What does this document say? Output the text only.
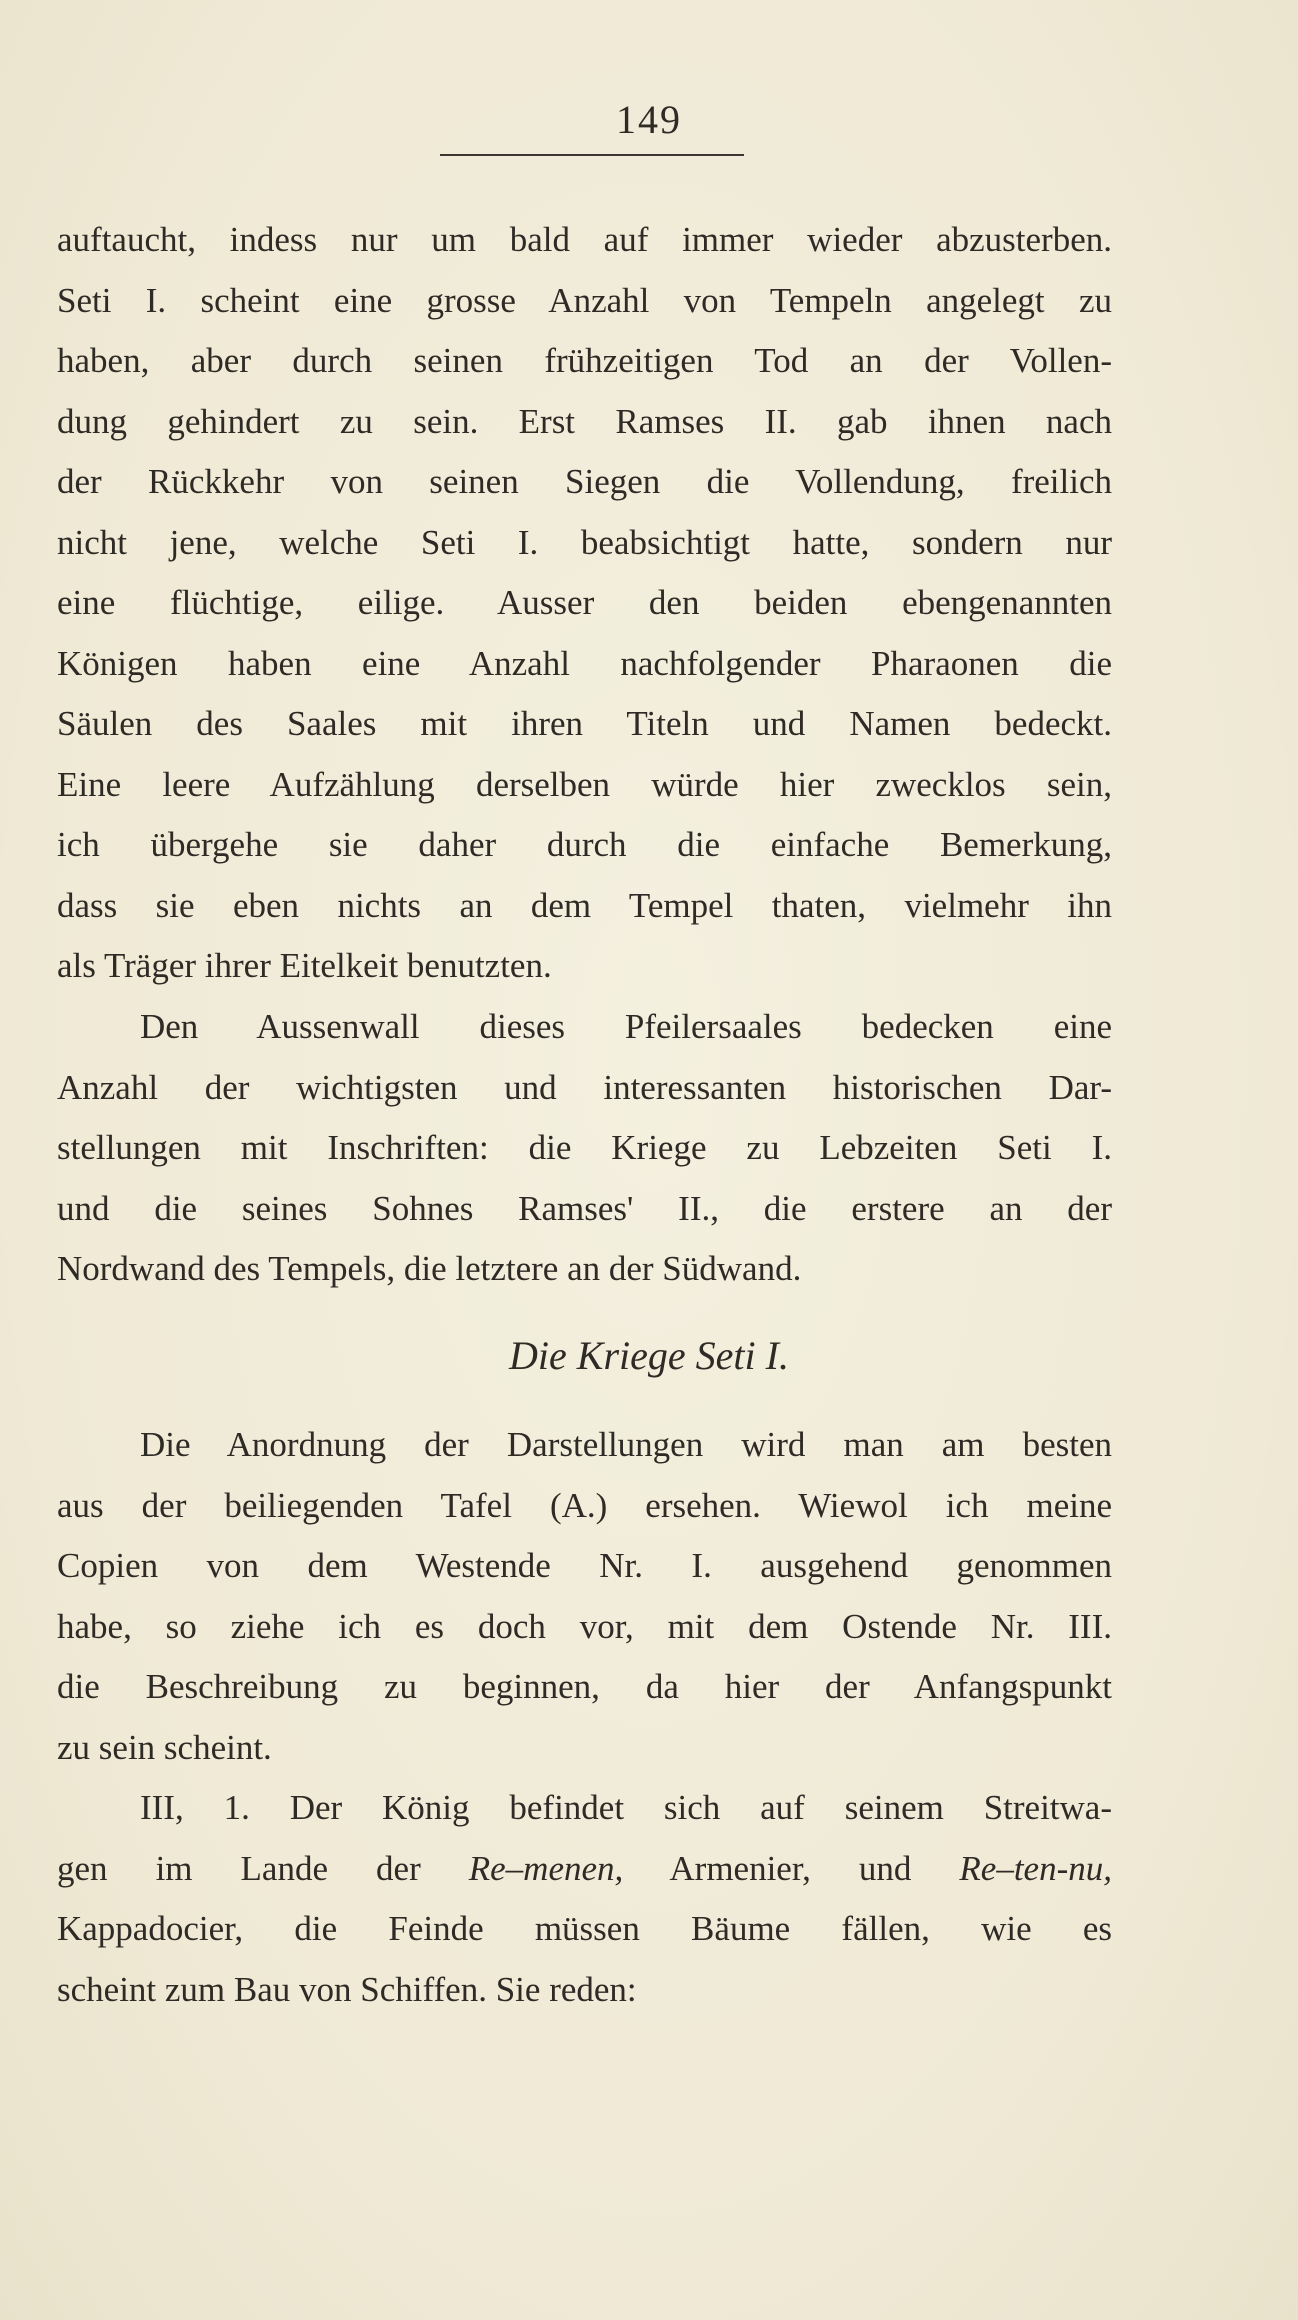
149
auftaucht, indess nur um bald auf immer wieder abzusterben.
Seti I. scheint eine grosse Anzahl von Tempeln angelegt zu
haben, aber durch seinen frühzeitigen Tod an der Vollen-
dung gehindert zu sein. Erst Ramses II. gab ihnen nach
der Rückkehr von seinen Siegen die Vollendung, freilich
nicht jene, welche Seti I. beabsichtigt hatte, sondern nur
eine flüchtige, eilige. Ausser den beiden ebengenannten
Königen haben eine Anzahl nachfolgender Pharaonen die
Säulen des Saales mit ihren Titeln und Namen bedeckt.
Eine leere Aufzählung derselben würde hier zwecklos sein,
ich übergehe sie daher durch die einfache Bemerkung,
dass sie eben nichts an dem Tempel thaten, vielmehr ihn
als Träger ihrer Eitelkeit benutzten.
Den Aussenwall dieses Pfeilersaales bedecken eine
Anzahl der wichtigsten und interessanten historischen Dar-
stellungen mit Inschriften: die Kriege zu Lebzeiten Seti I.
und die seines Sohnes Ramses' II., die erstere an der
Nordwand des Tempels, die letztere an der Südwand.
Die Kriege Seti I.
Die Anordnung der Darstellungen wird man am besten
aus der beiliegenden Tafel (A.) ersehen. Wiewol ich meine
Copien von dem Westende Nr. I. ausgehend genommen
habe, so ziehe ich es doch vor, mit dem Ostende Nr. III.
die Beschreibung zu beginnen, da hier der Anfangspunkt
zu sein scheint.
III, 1. Der König befindet sich auf seinem Streitwa-
gen im Lande der Re–menen, Armenier, und Re–ten-nu,
Kappadocier, die Feinde müssen Bäume fällen, wie es
scheint zum Bau von Schiffen. Sie reden:
